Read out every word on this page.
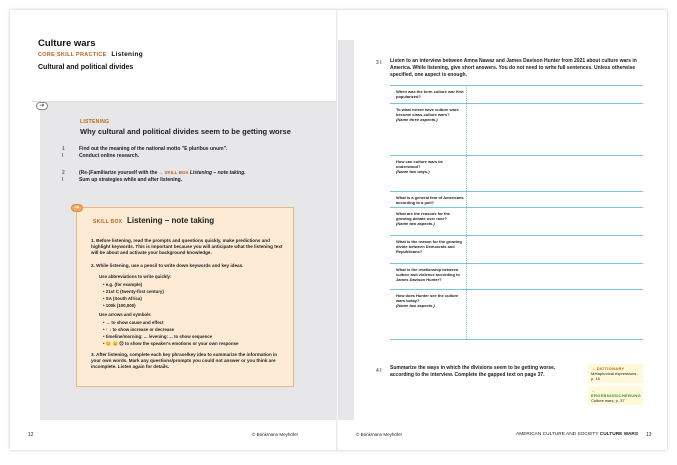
Culture wars
CORE SKILL PRACTICE Listening
Cultural and political divides
➜
LISTENING
Why cultural and political divides seem to be getting worse
1 I
Find out the meaning of the national motto "E pluribus unum".
Conduct online research.
2 I
(Re-)Familiarize yourself with the → SKILL BOX Listening – note taking.
Sum up strategies while and after listening.
➜
SKILL BOX Listening – note taking
1. Before listening, read the prompts and questions quickly, make predictions and highlight keywords. This is important because you will anticipate what the listening text will be about and activate your background knowledge.
2. While listening, use a pencil to write down keywords and key ideas.
Use abbreviations to write quickly:
• e.g. (for example)
• 21st C (twenty-first century)
• SA (South Africa)
• 100k (100,000)
Use arrows and symbols
• → to show cause and effect
• ↑ ↓ to show increase or decrease
• timeline/morning: ... /evening: ... to show sequence
• 😊 😐 ☹ to show the speaker's emotions or your own response
3. After listening, complete each key phrase/key idea to summarize the information in your own words. Mark any questions/prompts you could not answer or you think are incomplete. Listen again for details.
12	© Brinkmann Meyhöfer
3 I Listen to an interview between Amna Nawaz and James Davison Hunter from 2021 about culture wars in America. While listening, give short answers. You do not need to write full sentences. Unless otherwise specified, one aspect is enough.
When was the term culture war first popularized?
To what extent have culture wars become class-culture wars?
(Name three aspects.)
How can culture wars be understood?
(Name two ways.)
What is a general fear of Americans according to a poll?
What are the reasons for the growing debate over race?
(Name two aspects.)
What is the reason for the growing divide between Democrats and Republicans?
What is the relationship between culture and violence according to James Davison Hunter?
How does Hunter see the culture wars today?
(Name two aspects.)
4 I Summarize the ways in which the divisions seem to be getting worse, according to the interview. Complete the gapped text on page 37.
→ DICTIONARY
Metaphorical expressions, p. 15
→ ERGEBNISSICHERUNG
Culture wars, p. 37
© Brinkmann Meyhöfer	AMERICAN CULTURE AND SOCIETY CULTURE WARS 13
